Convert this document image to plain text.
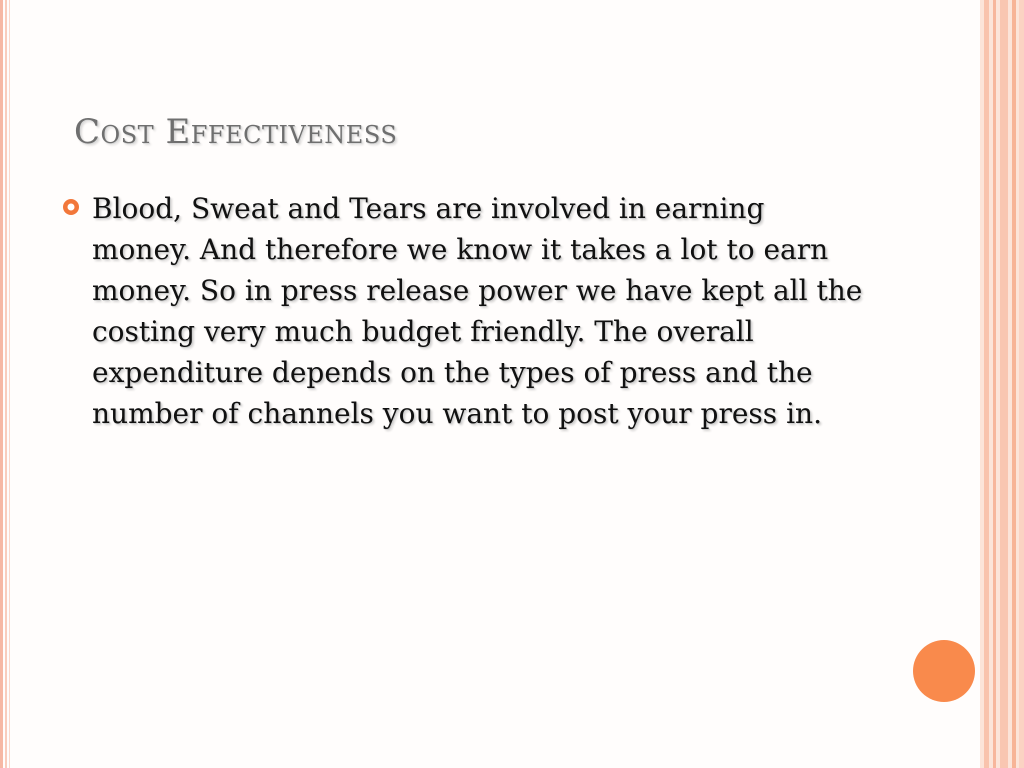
Cost Effectiveness

Blood, Sweat and Tears are involved in earning money. And therefore we know it takes a lot to earn money. So in press release power we have kept all the costing very much budget friendly. The overall expenditure depends on the types of press and the number of channels you want to post your press in.
